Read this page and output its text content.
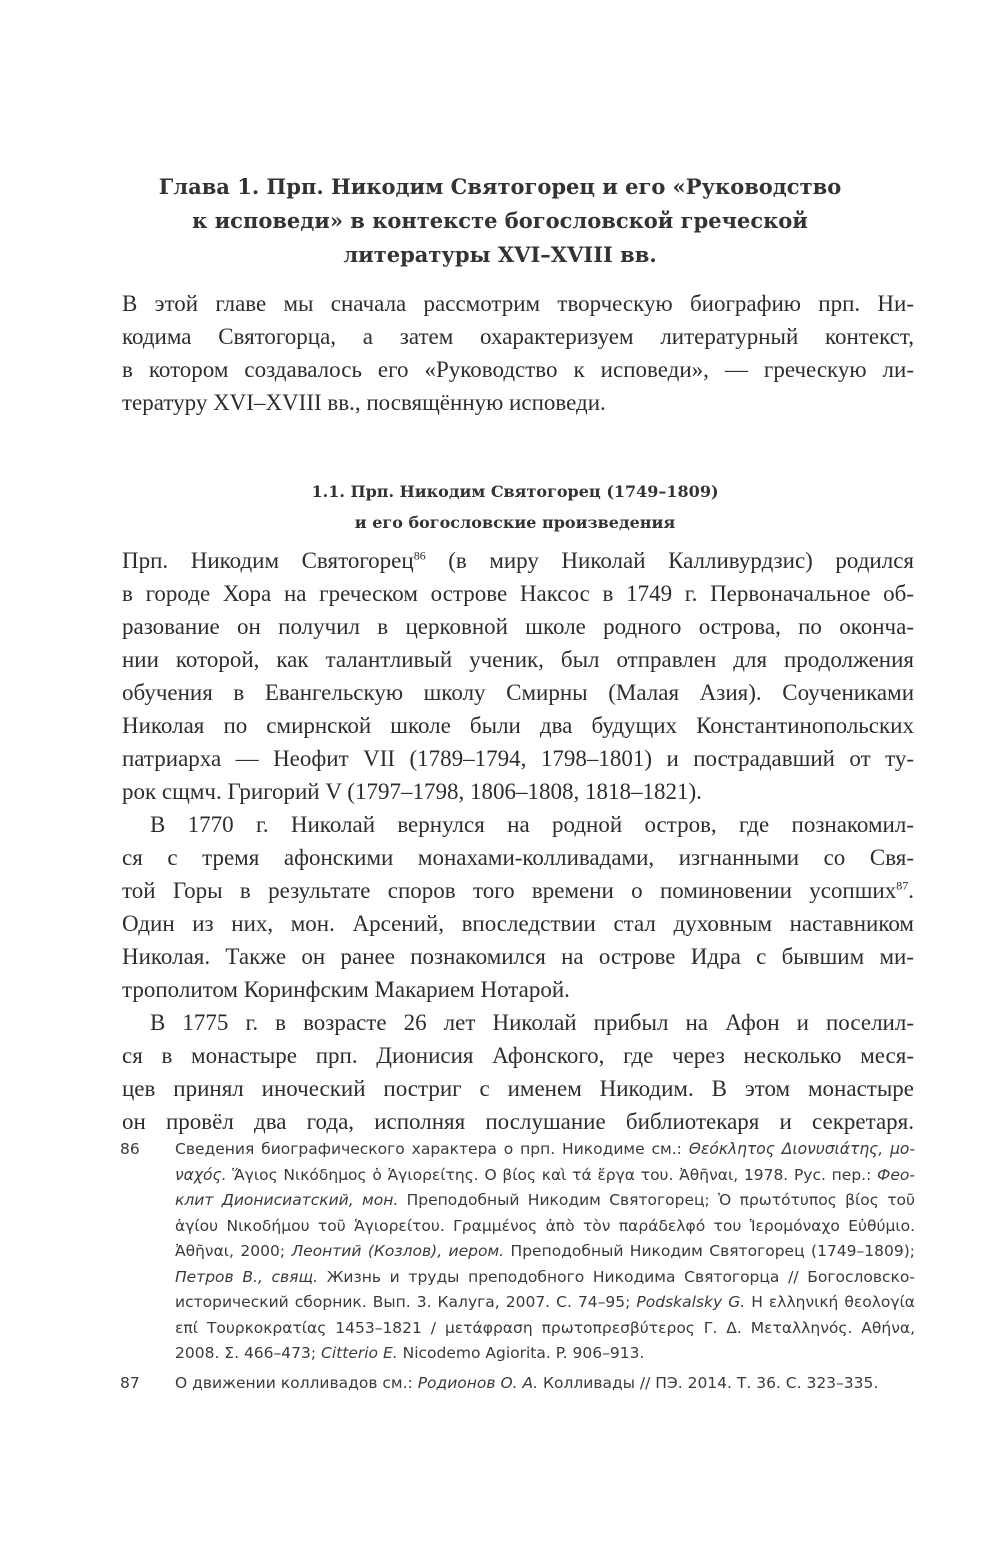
Глава 1. Прп. Никодим Святогорец и его «Руководство
к исповеди» в контексте богословской греческой
литературы XVI–XVIII вв.
В этой главе мы сначала рассмотрим творческую биографию прп. Ни-
кодима Святогорца, а затем охарактеризуем литературный контекст,
в котором создавалось его «Руководство к исповеди», — греческую ли-
тературу XVI–XVIII вв., посвящённую исповеди.
1.1. Прп. Никодим Святогорец (1749–1809)
и его богословские произведения
Прп. Никодим Святогорец$^{86}$ (в миру Николай Калливурдзис) родился
в городе Хора на греческом острове Наксос в 1749 г. Первоначальное об-
разование он получил в церковной школе родного острова, по оконча-
нии которой, как талантливый ученик, был отправлен для продолжения
обучения в Евангельскую школу Смирны (Малая Азия). Соучениками
Николая по смирнской школе были два будущих Константинопольских
патриарха — Неофит VII (1789–1794, 1798–1801) и пострадавший от ту-
рок сщмч. Григорий V (1797–1798, 1806–1808, 1818–1821).
В 1770 г. Николай вернулся на родной остров, где познакомил-
ся с тремя афонскими монахами-колливадами, изгнанными со Свя-
той Горы в результате споров того времени о поминовении усопших$^{87}$.
Один из них, мон. Арсений, впоследствии стал духовным наставником
Николая. Также он ранее познакомился на острове Идра с бывшим ми-
трополитом Коринфским Макарием Нотарой.
В 1775 г. в возрасте 26 лет Николай прибыл на Афон и поселил-
ся в монастыре прп. Дионисия Афонского, где через несколько меся-
цев принял иноческий постриг с именем Никодим. В этом монастыре
он провёл два года, исполняя послушание библиотекаря и секретаря.
86 Сведения биографического характера о прп. Никодиме см.: Θεόκλητος Διονυσιάτης, μο-
ναχός. Ἅγιος Νικόδημος ὁ Ἁγιορείτης. Ο βίος καὶ τά ἔργα του. Ἀθῆναι, 1978. Рус. пер.: Фео-
клит Дионисиатский, мон. Преподобный Никодим Святогорец; Ὁ πρωτότυπος βίος τοῦ
ἁγίου Νικοδήμου τοῦ Ἁγιορείτου. Γραμμένος ἀπὸ τὸν παράδελφό του Ἱερομόναχο Εὐθύμιο.
Ἀθῆναι, 2000; Леонтий (Козлов), иером. Преподобный Никодим Святогорец (1749–1809);
Петров В., свящ. Жизнь и труды преподобного Никодима Святогорца // Богословско-
исторический сборник. Вып. 3. Калуга, 2007. С. 74–95; Podskalsky G. Η ελληνική θεολογία
επί Τουρκοκρατίας 1453–1821 / μετάφραση πρωτοπρεσβύτερος Γ. Δ. Μεταλληνός. Αθήνα,
2008. Σ. 466–473; Citterio E. Nicodemo Agiorita. P. 906–913.
87 О движении колливадов см.: Родионов О. А. Колливады // ПЭ. 2014. Т. 36. С. 323–335.
